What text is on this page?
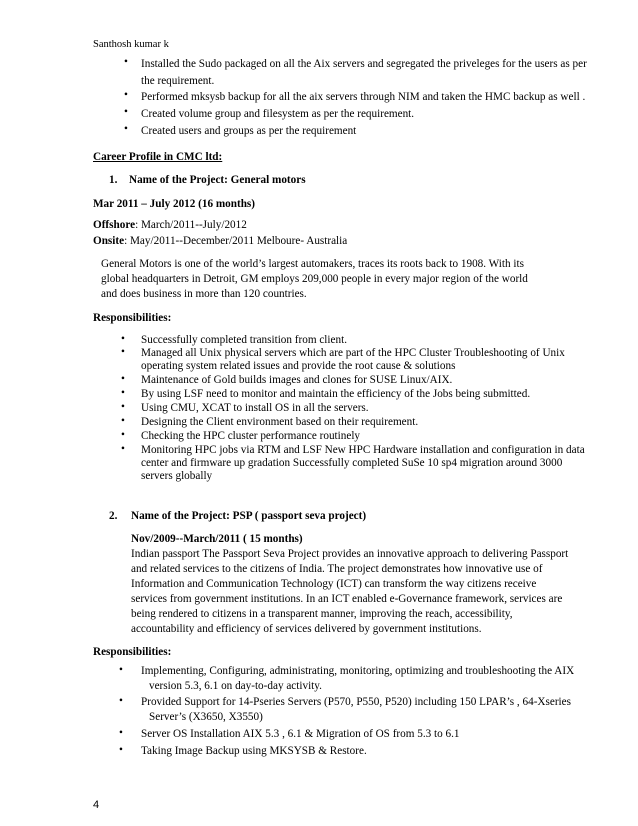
Santhosh kumar k
• Installed the Sudo packaged on all the Aix servers and segregated the priveleges for the users as per
the requirement.
• Performed mksysb backup for all the aix servers through NIM and taken the HMC backup as well .
• Created volume group and filesystem as per the requirement.
• Created users and groups as per the requirement
Career Profile in CMC ltd:
1. Name of the Project: General motors
Mar 2011 – July 2012 (16 months)
Offshore: March/2011--July/2012
Onsite: May/2011--December/2011 Melboure- Australia
General Motors is one of the world’s largest automakers, traces its roots back to 1908. With its
global headquarters in Detroit, GM employs 209,000 people in every major region of the world
and does business in more than 120 countries.
Responsibilities:
• Successfully completed transition from client.
• Managed all Unix physical servers which are part of the HPC Cluster Troubleshooting of Unix
operating system related issues and provide the root cause & solutions
• Maintenance of Gold builds images and clones for SUSE Linux/AIX.
• By using LSF need to monitor and maintain the efficiency of the Jobs being submitted.
• Using CMU, XCAT to install OS in all the servers.
• Designing the Client environment based on their requirement.
• Checking the HPC cluster performance routinely
• Monitoring HPC jobs via RTM and LSF New HPC Hardware installation and configuration in data
center and firmware up gradation Successfully completed SuSe 10 sp4 migration around 3000
servers globally
2. Name of the Project: PSP ( passport seva project)
Nov/2009--March/2011 ( 15 months)
Indian passport The Passport Seva Project provides an innovative approach to delivering Passport
and related services to the citizens of India. The project demonstrates how innovative use of
Information and Communication Technology (ICT) can transform the way citizens receive
services from government institutions. In an ICT enabled e-Governance framework, services are
being rendered to citizens in a transparent manner, improving the reach, accessibility,
accountability and efficiency of services delivered by government institutions.
Responsibilities:
• Implementing, Configuring, administrating, monitoring, optimizing and troubleshooting the AIX
version 5.3, 6.1 on day-to-day activity.
• Provided Support for 14-Pseries Servers (P570, P550, P520) including 150 LPAR’s , 64-Xseries
Server’s (X3650, X3550)
• Server OS Installation AIX 5.3 , 6.1 & Migration of OS from 5.3 to 6.1
• Taking Image Backup using MKSYSB & Restore.
4
